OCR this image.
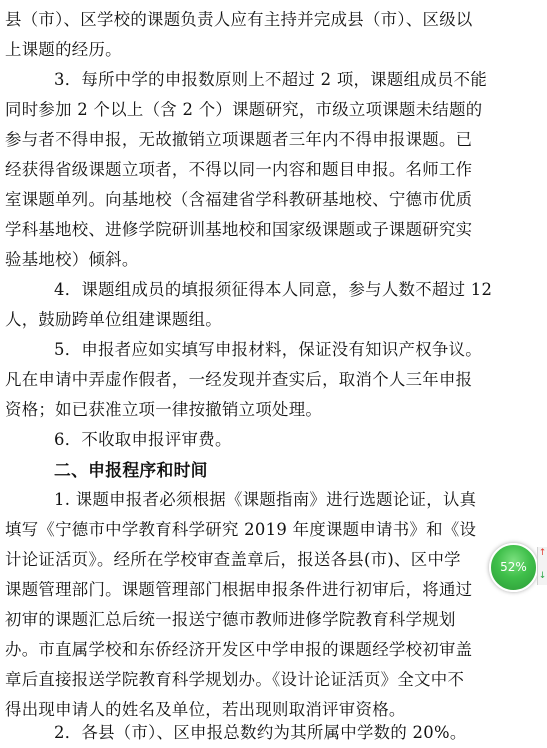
县（市）、区学校的课题负责人应有主持并完成县（市）、区级以
上课题的经历。
3．每所中学的申报数原则上不超过 2 项，课题组成员不能
同时参加 2 个以上（含 2 个）课题研究，市级立项课题未结题的
参与者不得申报，无故撤销立项课题者三年内不得申报课题。已
经获得省级课题立项者，不得以同一内容和题目申报。名师工作
室课题单列。向基地校（含福建省学科教研基地校、宁德市优质
学科基地校、进修学院研训基地校和国家级课题或子课题研究实
验基地校）倾斜。
4．课题组成员的填报须征得本人同意，参与人数不超过 12
人，鼓励跨单位组建课题组。
5．申报者应如实填写申报材料，保证没有知识产权争议。
凡在申请中弄虚作假者，一经发现并查实后，取消个人三年申报
资格；如已获准立项一律按撤销立项处理。
6．不收取申报评审费。
二、申报程序和时间
1. 课题申报者必须根据《课题指南》进行选题论证，认真
填写《宁德市中学教育科学研究 2019 年度课题申请书》和《设
计论证活页》。经所在学校审查盖章后，报送各县(市)、区中学
课题管理部门。课题管理部门根据申报条件进行初审后，将通过
初审的课题汇总后统一报送宁德市教师进修学院教育科学规划
办。市直属学校和东侨经济开发区中学申报的课题经学校初审盖
章后直接报送学院教育科学规划办。《设计论证活页》全文中不
得出现申请人的姓名及单位，若出现则取消评审资格。
2．各县（市）、区申报总数约为其所属中学数的 20%。
52%
↑
↓
